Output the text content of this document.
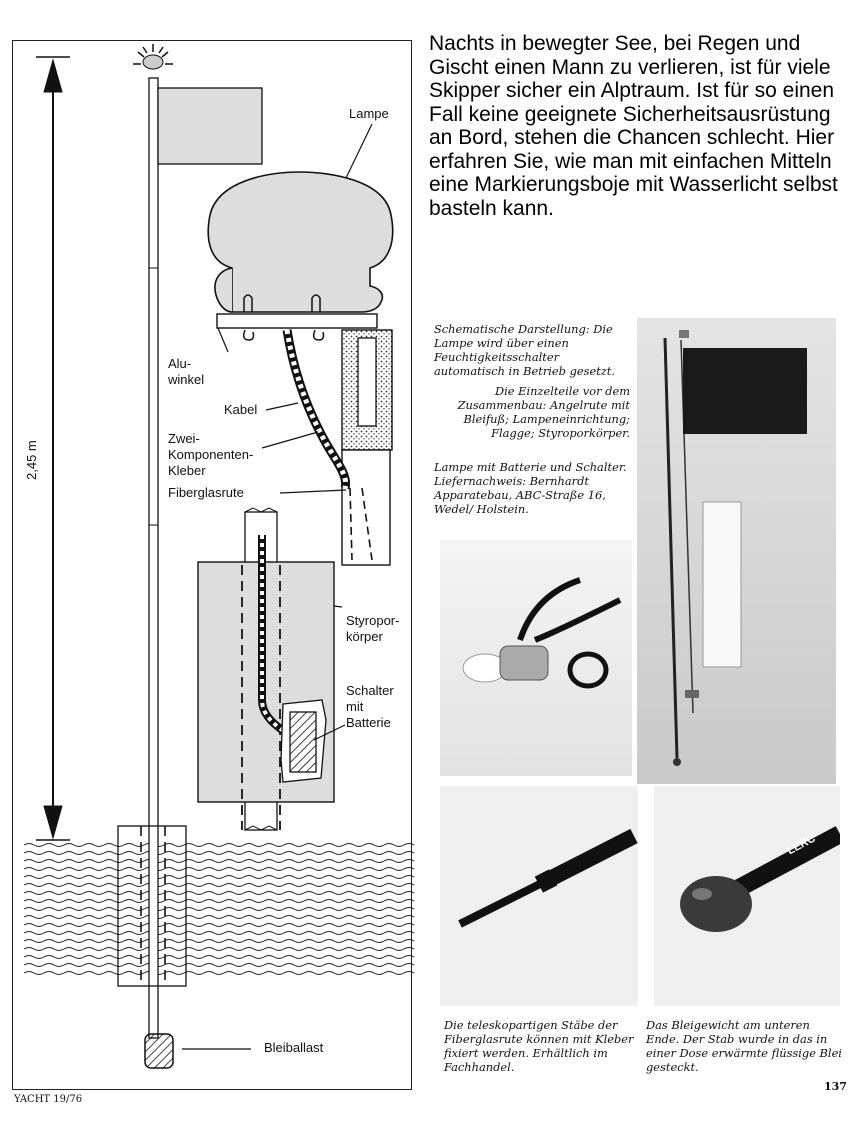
Lampe
Alu-
winkel
Kabel
Zwei-
Komponenten-
Kleber
Fiberglasrute
Styropor-
körper
Schalter
mit
Batterie
Bleiballast
2,45 m
Nachts in bewegter See, bei Regen und Gischt einen Mann zu verlieren, ist für viele Skipper sicher ein Alptraum. Ist für so einen Fall keine geeignete Sicherheitsausrüstung an Bord, stehen die Chancen schlecht. Hier erfahren Sie, wie man mit einfachen Mitteln eine Markierungsboje mit Wasserlicht selbst basteln kann.
Schematische Darstellung: Die Lampe wird über einen Feuchtigkeitsschalter automatisch in Betrieb gesetzt.
Die Einzelteile vor dem Zusammenbau: Angelrute mit Bleifuß; Lampeneinrichtung; Flagge; Styroporkörper.
Lampe mit Batterie und Schalter. Liefernachweis: Bernhardt Apparatebau, ABC-Straße 16, Wedel/ Holstein.
Die teleskopartigen Stäbe der Fiberglasrute können mit Kleber fixiert werden. Erhältlich im Fachhandel.
Das Bleigewicht am unteren Ende. Der Stab wurde in das in einer Dose erwärmte flüssige Blei gesteckt.
LERC
YACHT 19/76
137
